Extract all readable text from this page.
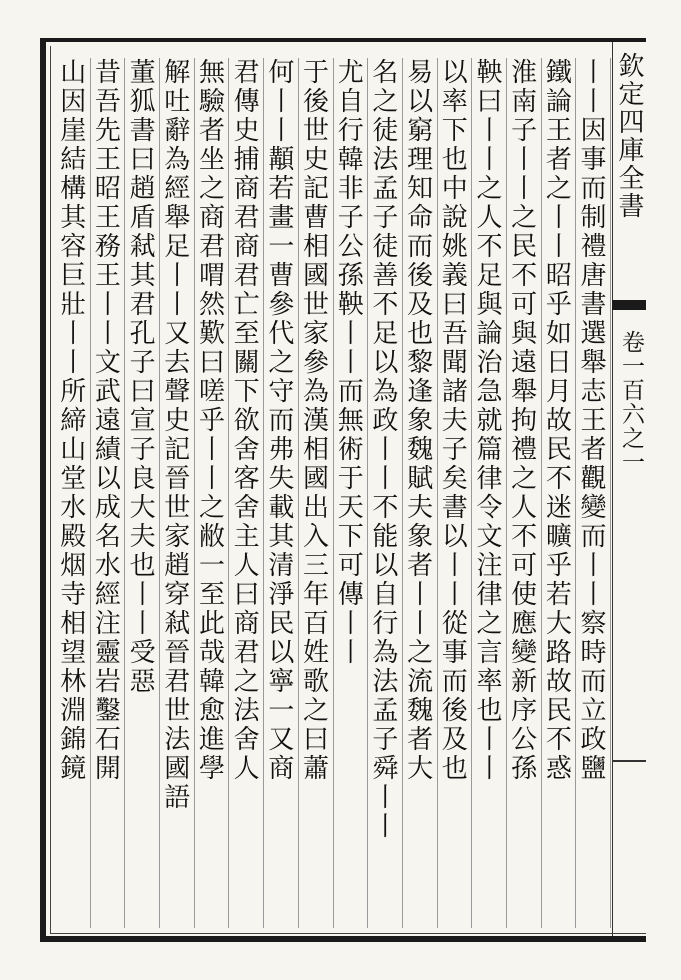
欽定四庫全書
卷一百六之一
丨丨因事而制禮唐書選舉志王者觀變而丨丨察時而立政鹽
鐵論王者之丨丨昭乎如日月故民不迷曠乎若大路故民不惑
淮南子丨丨之民不可與遠舉拘禮之人不可使應變新序公孫
鞅曰丨丨之人不足與論治急就篇律令文注律之言率也丨丨
以率下也中說姚義曰吾聞諸夫子矣書以丨丨從事而後及也
易以窮理知命而後及也黎逢象魏賦夫象者丨丨之流魏者大
名之徒法孟子徒善不足以為政丨丨不能以自行為法孟子舜丨丨
尤自行韓非子公孫鞅丨丨而無術于天下可傳丨丨
于後世史記曹相國世家參為漢相國出入三年百姓歌之曰蕭
何丨丨顜若畫一曹參代之守而弗失載其清淨民以寧一又商
君傳史捕商君商君亡至關下欲舍客舍主人曰商君之法舍人
無驗者坐之商君喟然歎曰嗟乎丨丨之敝一至此哉韓愈進學
解吐辭為經舉足丨丨又去聲史記晉世家趙穿弒晉君世法國語
董狐書曰趙盾弒其君孔子曰宣子良大夫也丨丨受惡
昔吾先王昭王務王丨丨文武遠績以成名水經注靈岩鑿石開
山因崖結構其容巨壯丨丨所締山堂水殿烟寺相望林淵錦鏡
